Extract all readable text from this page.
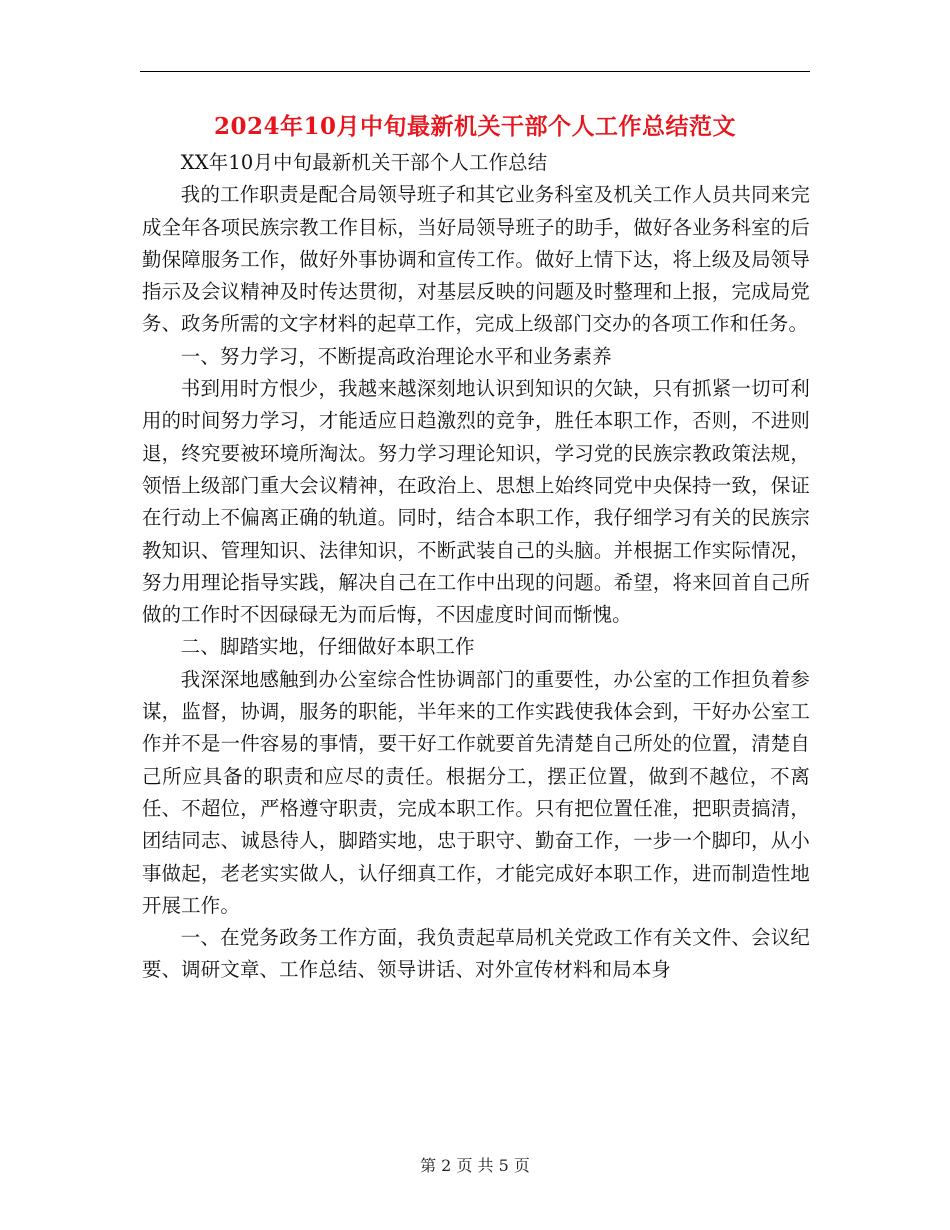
2024年10月中旬最新机关干部个人工作总结范文

XX年10月中旬最新机关干部个人工作总结

我的工作职责是配合局领导班子和其它业务科室及机关工作人员共同来完成全年各项民族宗教工作目标，当好局领导班子的助手，做好各业务科室的后勤保障服务工作，做好外事协调和宣传工作。做好上情下达，将上级及局领导指示及会议精神及时传达贯彻，对基层反映的问题及时整理和上报，完成局党务、政务所需的文字材料的起草工作，完成上级部门交办的各项工作和任务。

一、努力学习，不断提高政治理论水平和业务素养

书到用时方恨少，我越来越深刻地认识到知识的欠缺，只有抓紧一切可利用的时间努力学习，才能适应日趋激烈的竞争，胜任本职工作，否则，不进则退，终究要被环境所淘汰。努力学习理论知识，学习党的民族宗教政策法规，领悟上级部门重大会议精神，在政治上、思想上始终同党中央保持一致，保证在行动上不偏离正确的轨道。同时，结合本职工作，我仔细学习有关的民族宗教知识、管理知识、法律知识，不断武装自己的头脑。并根据工作实际情况，努力用理论指导实践，解决自己在工作中出现的问题。希望，将来回首自己所做的工作时不因碌碌无为而后悔，不因虚度时间而惭愧。

二、脚踏实地，仔细做好本职工作

我深深地感触到办公室综合性协调部门的重要性，办公室的工作担负着参谋，监督，协调，服务的职能，半年来的工作实践使我体会到，干好办公室工作并不是一件容易的事情，要干好工作就要首先清楚自己所处的位置，清楚自己所应具备的职责和应尽的责任。根据分工，摆正位置，做到不越位，不离任、不超位，严格遵守职责，完成本职工作。只有把位置任准，把职责搞清，团结同志、诚恳待人，脚踏实地，忠于职守、勤奋工作，一步一个脚印，从小事做起，老老实实做人，认仔细真工作，才能完成好本职工作，进而制造性地开展工作。

一、在党务政务工作方面，我负责起草局机关党政工作有关文件、会议纪要、调研文章、工作总结、领导讲话、对外宣传材料和局本身

第 2 页 共 5 页
